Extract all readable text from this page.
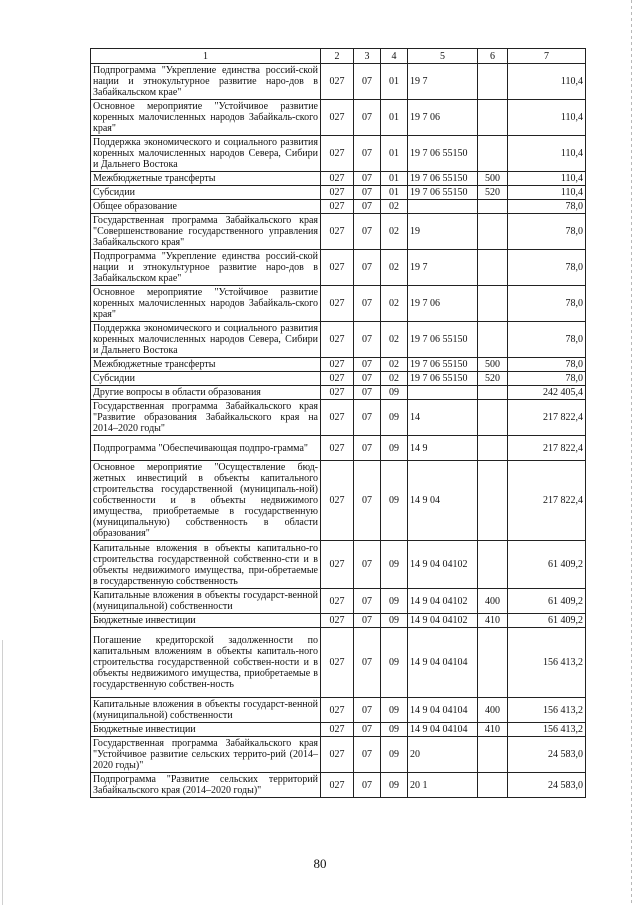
1	2	3	4	5	6	7
Подпрограмма "Укрепление единства россий-ской нации и этнокультурное развитие наро-дов в Забайкальском крае"	027	07	01	19 7		110,4
Основное мероприятие "Устойчивое развитие коренных малочисленных народов Забайкаль-ского края"	027	07	01	19 7 06		110,4
Поддержка экономического и социального развития коренных малочисленных народов Севера, Сибири и Дальнего Востока	027	07	01	19 7 06 55150		110,4
Межбюджетные трансферты	027	07	01	19 7 06 55150	500	110,4
Субсидии	027	07	01	19 7 06 55150	520	110,4
Общее образование	027	07	02			78,0
Государственная программа Забайкальского края "Совершенствование государственного управления Забайкальского края"	027	07	02	19		78,0
Подпрограмма "Укрепление единства россий-ской нации и этнокультурное развитие наро-дов в Забайкальском крае"	027	07	02	19 7		78,0
Основное мероприятие "Устойчивое развитие коренных малочисленных народов Забайкаль-ского края"	027	07	02	19 7 06		78,0
Поддержка экономического и социального развития коренных малочисленных народов Севера, Сибири и Дальнего Востока	027	07	02	19 7 06 55150		78,0
Межбюджетные трансферты	027	07	02	19 7 06 55150	500	78,0
Субсидии	027	07	02	19 7 06 55150	520	78,0
Другие вопросы в области образования	027	07	09			242 405,4
Государственная программа Забайкальского края "Развитие образования Забайкальского края на 2014–2020 годы"	027	07	09	14		217 822,4
Подпрограмма "Обеспечивающая подпро-грамма"	027	07	09	14 9		217 822,4
Основное мероприятие "Осуществление бюд-жетных инвестиций в объекты капитального строительства государственной (муниципаль-ной) собственности и в объекты недвижимого имущества, приобретаемые в государственную (муниципальную) собственность в области образования"	027	07	09	14 9 04		217 822,4
Капитальные вложения в объекты капитально-го строительства государственной собственно-сти и в объекты недвижимого имущества, при-обретаемые в государственную собственность	027	07	09	14 9 04 04102		61 409,2
Капитальные вложения в объекты государст-венной (муниципальной) собственности	027	07	09	14 9 04 04102	400	61 409,2
Бюджетные инвестиции	027	07	09	14 9 04 04102	410	61 409,2
Погашение кредиторской задолженности по капитальным вложениям в объекты капиталь-ного строительства государственной собствен-ности и в объекты недвижимого имущества, приобретаемые в государственную собствен-ность	027	07	09	14 9 04 04104		156 413,2
Капитальные вложения в объекты государст-венной (муниципальной) собственности	027	07	09	14 9 04 04104	400	156 413,2
Бюджетные инвестиции	027	07	09	14 9 04 04104	410	156 413,2
Государственная программа Забайкальского края "Устойчивое развитие сельских террито-рий (2014–2020 годы)"	027	07	09	20		24 583,0
Подпрограмма "Развитие сельских территорий Забайкальского края (2014–2020 годы)"	027	07	09	20 1		24 583,0
80
